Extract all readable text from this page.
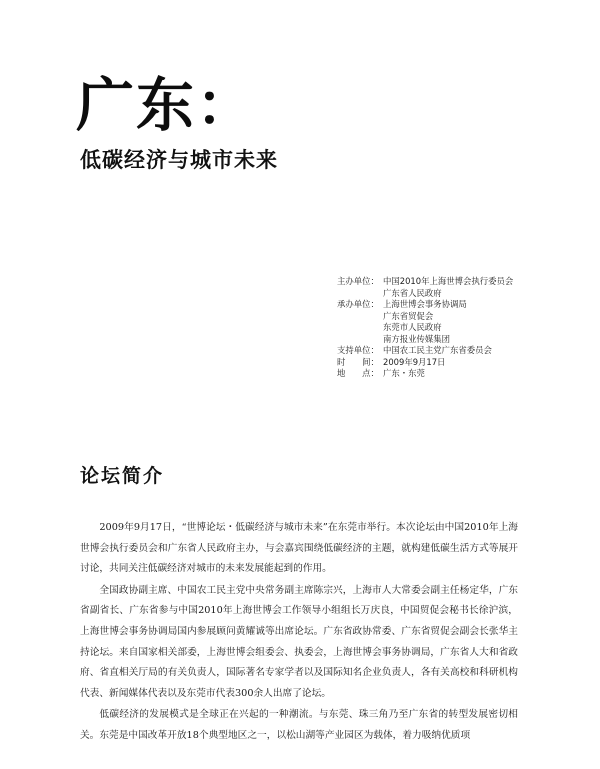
广东：
低碳经济与城市未来
主办单位： 中国2010年上海世博会执行委员会
广东省人民政府
承办单位： 上海世博会事务协调局
广东省贸促会
东莞市人民政府
南方报业传媒集团
支持单位： 中国农工民主党广东省委员会
时　　间： 2009年9月17日
地　　点： 广东・东莞
论坛简介

2009年9月17日，“世博论坛・低碳经济与城市未来”在东莞市举行。本次论坛由中国2010年上海世博会执行委员会和广东省人民政府主办，与会嘉宾围绕低碳经济的主题，就构建低碳生活方式等展开讨论，共同关注低碳经济对城市的未来发展能起到的作用。

全国政协副主席、中国农工民主党中央常务副主席陈宗兴，上海市人大常委会副主任杨定华，广东省副省长、广东省参与中国2010年上海世博会工作领导小组组长万庆良，中国贸促会秘书长徐沪滨，上海世博会事务协调局国内参展顾问黄耀诚等出席论坛。广东省政协常委、广东省贸促会副会长张华主持论坛。来自国家相关部委，上海世博会组委会、执委会，上海世博会事务协调局，广东省人大和省政府、省直相关厅局的有关负责人，国际著名专家学者以及国际知名企业负责人，各有关高校和科研机构代表、新闻媒体代表以及东莞市代表300余人出席了论坛。

低碳经济的发展模式是全球正在兴起的一种潮流。与东莞、珠三角乃至广东省的转型发展密切相关。东莞是中国改革开放18个典型地区之一，以松山湖等产业园区为载体，着力吸纳优质项
